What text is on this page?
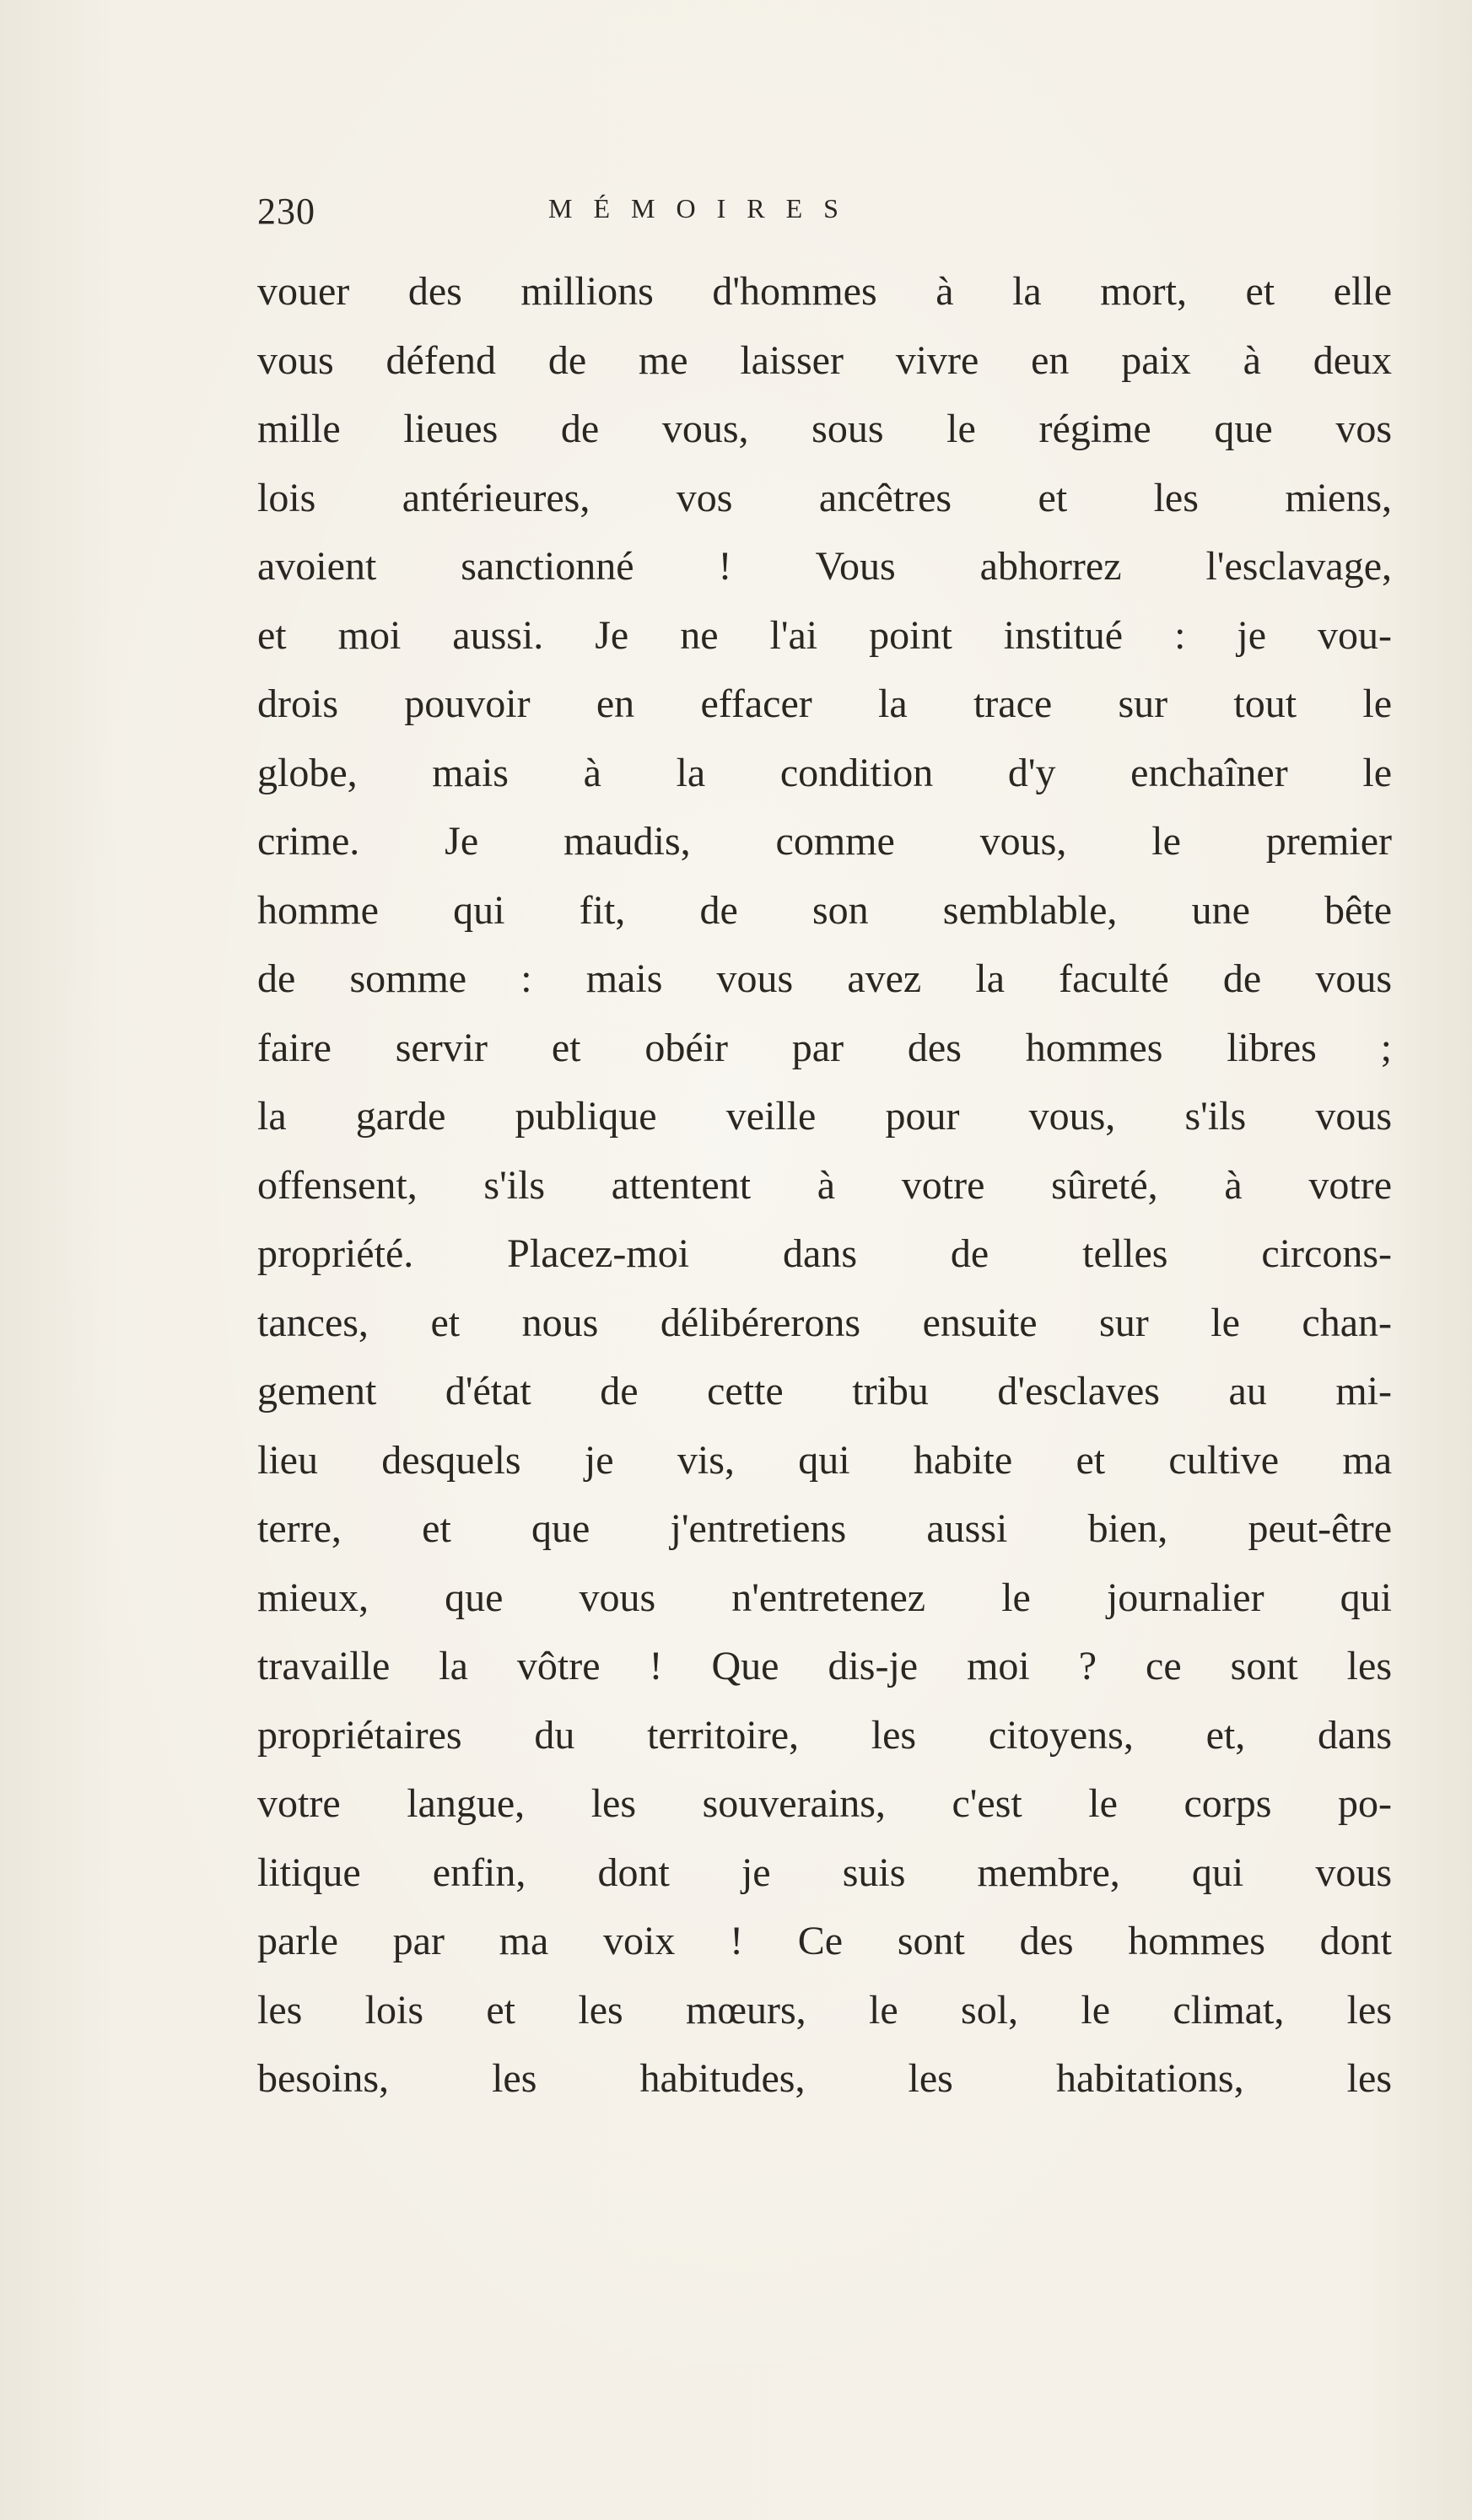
230	MÉMOIRES
vouer des millions d'hommes à la mort, et elle
vous défend de me laisser vivre en paix à deux
mille lieues de vous, sous le régime que vos
lois antérieures, vos ancêtres et les miens,
avoient sanctionné ! Vous abhorrez l'esclavage,
et moi aussi. Je ne l'ai point institué : je vou-
drois pouvoir en effacer la trace sur tout le
globe, mais à la condition d'y enchaîner le
crime. Je maudis, comme vous, le premier
homme qui fit, de son semblable, une bête
de somme : mais vous avez la faculté de vous
faire servir et obéir par des hommes libres ;
la garde publique veille pour vous, s'ils vous
offensent, s'ils attentent à votre sûreté, à votre
propriété. Placez-moi dans de telles circons-
tances, et nous délibérerons ensuite sur le chan-
gement d'état de cette tribu d'esclaves au mi-
lieu desquels je vis, qui habite et cultive ma
terre, et que j'entretiens aussi bien, peut-être
mieux, que vous n'entretenez le journalier qui
travaille la vôtre ! Que dis-je moi ? ce sont les
propriétaires du territoire, les citoyens, et, dans
votre langue, les souverains, c'est le corps po-
litique enfin, dont je suis membre, qui vous
parle par ma voix ! Ce sont des hommes dont
les lois et les mœurs, le sol, le climat, les
besoins, les habitudes, les habitations, les
